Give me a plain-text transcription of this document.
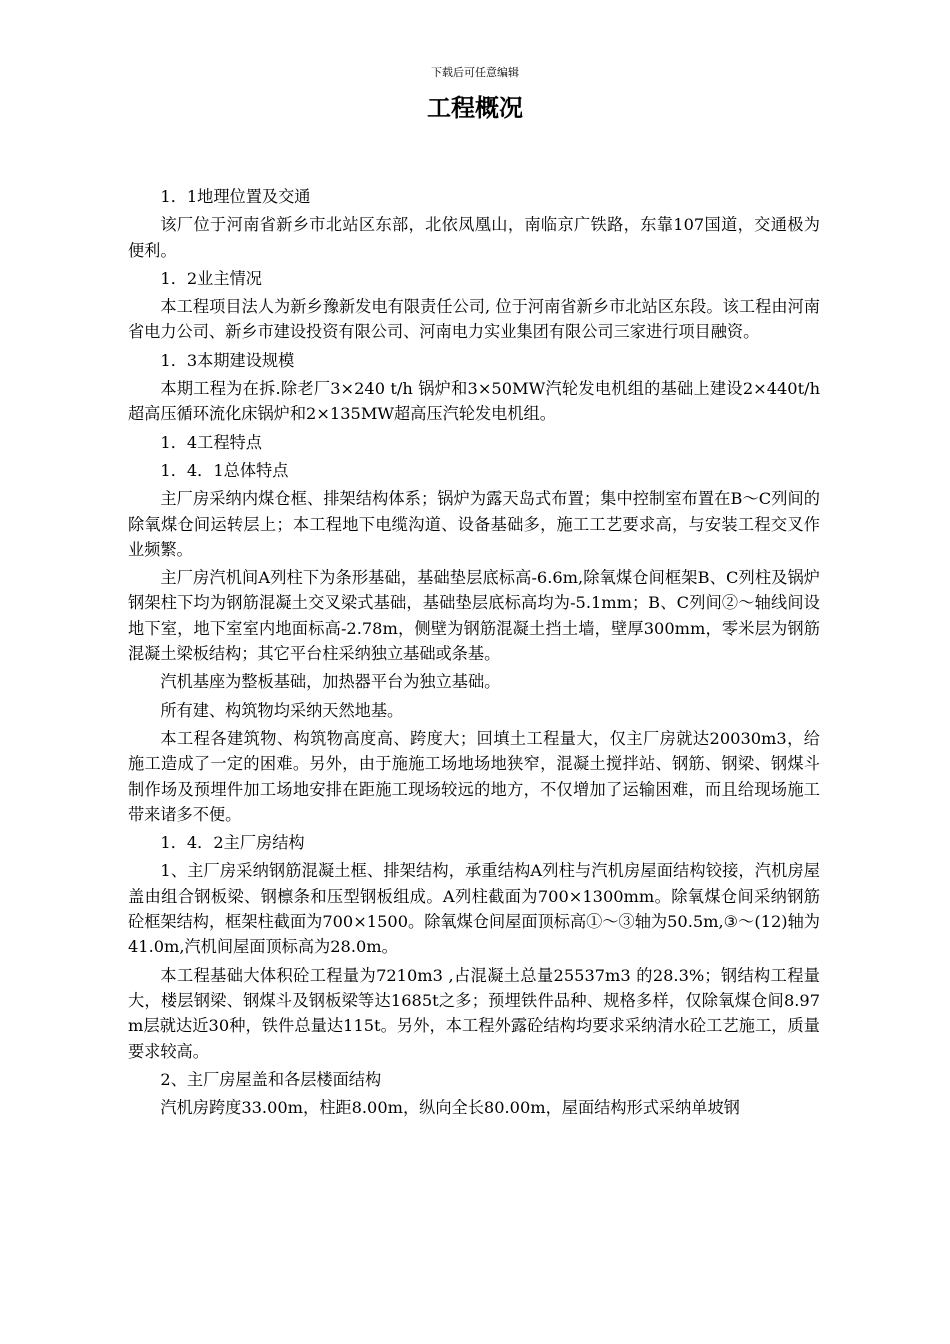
下载后可任意编辑
工程概况

1．1地理位置及交通

该厂位于河南省新乡市北站区东部，北依凤凰山，南临京广铁路，东靠107国道，交通极为便利。

1．2业主情况

本工程项目法人为新乡豫新发电有限责任公司, 位于河南省新乡市北站区东段。该工程由河南省电力公司、新乡市建设投资有限公司、河南电力实业集团有限公司三家进行项目融资。

1．3本期建设规模

本期工程为在拆.除老厂3×240 t/h 锅炉和3×50MW汽轮发电机组的基础上建设2×440t/h 超高压循环流化床锅炉和2×135MW超高压汽轮发电机组。

1．4工程特点

1．4．1总体特点

主厂房采纳内煤仓框、排架结构体系；锅炉为露天岛式布置；集中控制室布置在B～C列间的除氧煤仓间运转层上；本工程地下电缆沟道、设备基础多，施工工艺要求高，与安装工程交叉作业频繁。

主厂房汽机间A列柱下为条形基础，基础垫层底标高-6.6m,除氧煤仓间框架B、C列柱及锅炉钢架柱下均为钢筋混凝土交叉梁式基础，基础垫层底标高均为-5.1mm；B、C列间②～轴线间设地下室，地下室室内地面标高-2.78m，侧壁为钢筋混凝土挡土墙，壁厚300mm，零米层为钢筋混凝土梁板结构；其它平台柱采纳独立基础或条基。

汽机基座为整板基础，加热器平台为独立基础。

所有建、构筑物均采纳天然地基。

本工程各建筑物、构筑物高度高、跨度大；回填土工程量大，仅主厂房就达20030m3，给施工造成了一定的困难。另外，由于施施工场地场地狭窄，混凝土搅拌站、钢筋、钢梁、钢煤斗制作场及预埋件加工场地安排在距施工现场较远的地方，不仅增加了运输困难，而且给现场施工带来诸多不便。

1．4．2主厂房结构

1、主厂房采纳钢筋混凝土框、排架结构，承重结构A列柱与汽机房屋面结构铰接，汽机房屋盖由组合钢板梁、钢檩条和压型钢板组成。A列柱截面为700×1300mm。除氧煤仓间采纳钢筋砼框架结构，框架柱截面为700×1500。除氧煤仓间屋面顶标高①～③轴为50.5m,③～(12)轴为41.0m,汽机间屋面顶标高为28.0m。

本工程基础大体积砼工程量为7210m3 ,占混凝土总量25537m3 的28.3%；钢结构工程量大，楼层钢梁、钢煤斗及钢板梁等达1685t之多；预埋铁件品种、规格多样，仅除氧煤仓间8.97m层就达近30种，铁件总量达115t。另外，本工程外露砼结构均要求采纳清水砼工艺施工，质量要求较高。

2、主厂房屋盖和各层楼面结构

汽机房跨度33.00m，柱距8.00m，纵向全长80.00m，屋面结构形式采纳单坡钢
